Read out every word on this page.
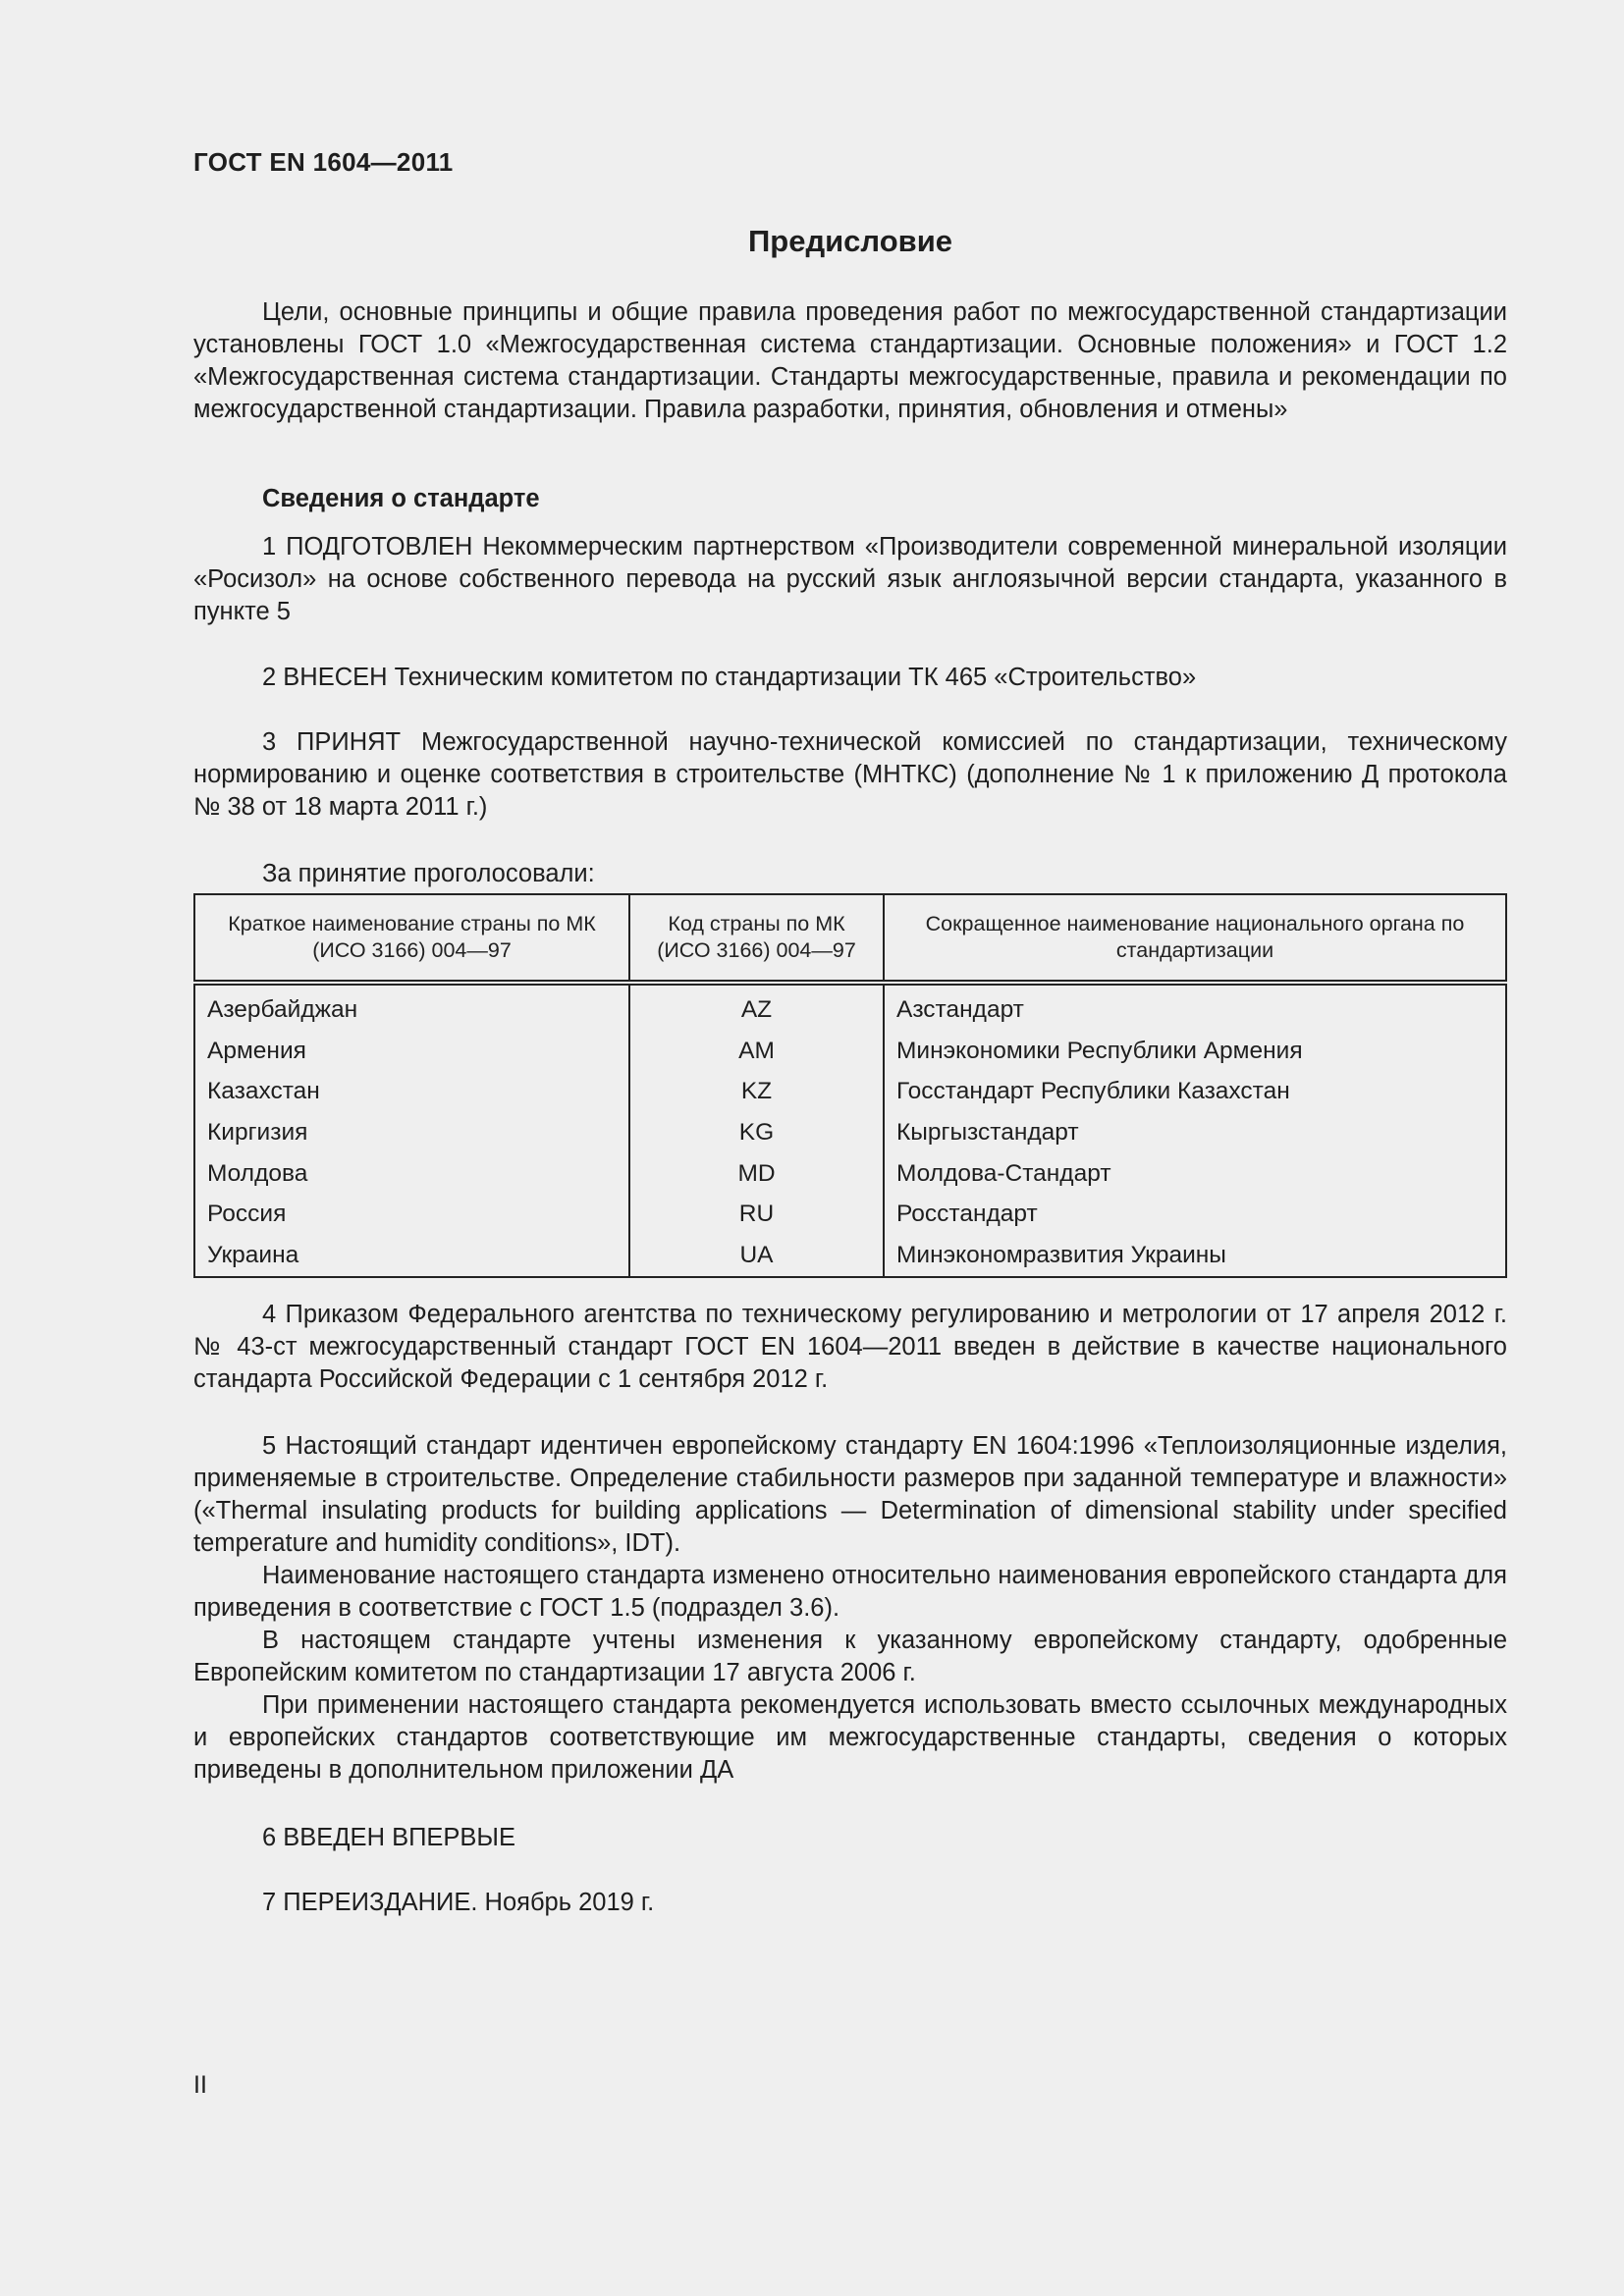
ГОСТ EN 1604—2011
Предисловие

Цели, основные принципы и общие правила проведения работ по межгосударственной стандартизации установлены ГОСТ 1.0 «Межгосударственная система стандартизации. Основные положения» и ГОСТ 1.2 «Межгосударственная система стандартизации. Стандарты межгосударственные, правила и рекомендации по межгосударственной стандартизации. Правила разработки, принятия, обновления и отмены»

Сведения о стандарте

1 ПОДГОТОВЛЕН Некоммерческим партнерством «Производители современной минеральной изоляции «Росизол» на основе собственного перевода на русский язык англоязычной версии стандарта, указанного в пункте 5

2 ВНЕСЕН Техническим комитетом по стандартизации ТК 465 «Строительство»

3 ПРИНЯТ Межгосударственной научно-технической комиссией по стандартизации, техническому нормированию и оценке соответствия в строительстве (МНТКС) (дополнение № 1 к приложению Д протокола № 38 от 18 марта 2011 г.)

За принятие проголосовали:
Краткое наименование страны по МК (ИСО 3166) 004—97	Код страны по МК (ИСО 3166) 004—97	Сокращенное наименование национального органа по стандартизации
Азербайджан	AZ	Азстандарт
Армения	AM	Минэкономики Республики Армения
Казахстан	KZ	Госстандарт Республики Казахстан
Киргизия	KG	Кыргызстандарт
Молдова	MD	Молдова-Стандарт
Россия	RU	Росстандарт
Украина	UA	Минэкономразвития Украины

4 Приказом Федерального агентства по техническому регулированию и метрологии от 17 апреля 2012 г. № 43-ст межгосударственный стандарт ГОСТ EN 1604—2011 введен в действие в качестве национального стандарта Российской Федерации с 1 сентября 2012 г.

5 Настоящий стандарт идентичен европейскому стандарту EN 1604:1996 «Теплоизоляционные изделия, применяемые в строительстве. Определение стабильности размеров при заданной температуре и влажности» («Thermal insulating products for building applications — Determination of dimensional stability under specified temperature and humidity conditions», IDT).

Наименование настоящего стандарта изменено относительно наименования европейского стандарта для приведения в соответствие с ГОСТ 1.5 (подраздел 3.6).

В настоящем стандарте учтены изменения к указанному европейскому стандарту, одобренные Европейским комитетом по стандартизации 17 августа 2006 г.

При применении настоящего стандарта рекомендуется использовать вместо ссылочных международных и европейских стандартов соответствующие им межгосударственные стандарты, сведения о которых приведены в дополнительном приложении ДА

6 ВВЕДЕН ВПЕРВЫЕ

7 ПЕРЕИЗДАНИЕ. Ноябрь 2019 г.

II
